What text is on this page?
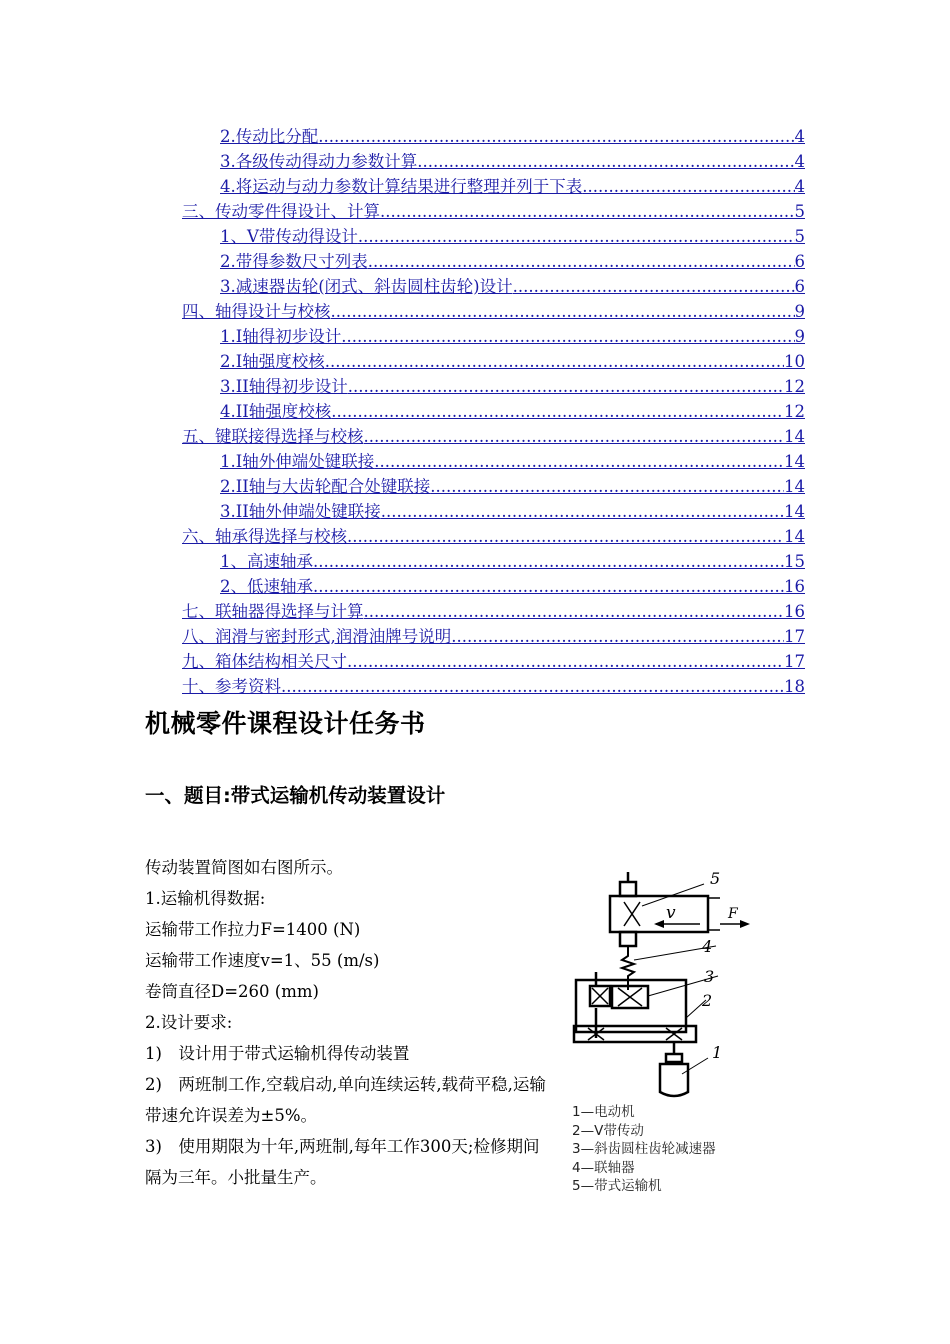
2.传动比分配 .....	4
3.各级传动得动力参数计算 .....	4
4.将运动与动力参数计算结果进行整理并列于下表 .....	4
三、传动零件得设计、计算 .....	5
1、V带传动得设计 .....	5
2.带得参数尺寸列表 .....	6
3.减速器齿轮(闭式、斜齿圆柱齿轮)设计 .....	6
四、轴得设计与校核 .....	9
1.I轴得初步设计 .....	9
2.I轴强度校核 .....	10
3.II轴得初步设计 .....	12
4.II轴强度校核 .....	12
五、键联接得选择与校核 .....	14
1.I轴外伸端处键联接 .....	14
2.II轴与大齿轮配合处键联接 .....	14
3.II轴外伸端处键联接 .....	14
六、轴承得选择与校核 .....	14
1、高速轴承 .....	15
2、低速轴承 .....	16
七、联轴器得选择与计算 .....	16
八、润滑与密封形式,润滑油牌号说明 .....	17
九、箱体结构相关尺寸 .....	17
十、参考资料 .....	18
机械零件课程设计任务书
一、题目:带式运输机传动装置设计

传动装置简图如右图所示。

1.运输机得数据:

运输带工作拉力F=1400 (N)

运输带工作速度v=1、55 (m/s)

卷筒直径D=260 (mm)

2.设计要求:

1)　设计用于带式运输机得传动装置

2)　两班制工作,空载启动,单向连续运转,载荷平稳,运输带速允许误差为±5%。

3)　使用期限为十年,两班制,每年工作300天;检修期间隔为三年。小批量生产。

5
4
3
2
1
v	F
1—电动机
2—V带传动
3—斜齿圆柱齿轮减速器
4—联轴器
5—带式运输机
